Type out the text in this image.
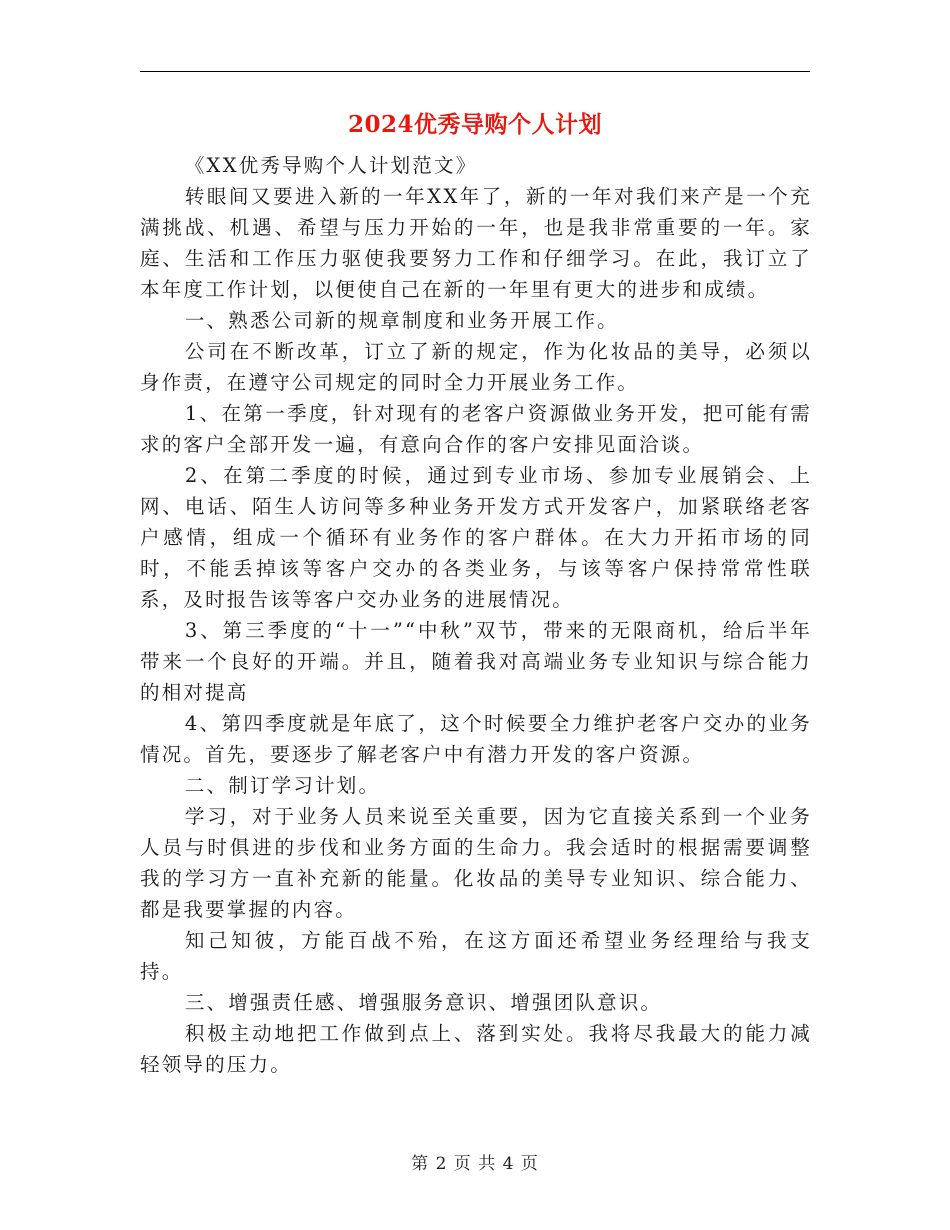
2024优秀导购个人计划

《XX优秀导购个人计划范文》

转眼间又要进入新的一年XX年了，新的一年对我们来产是一个充满挑战、机遇、希望与压力开始的一年，也是我非常重要的一年。家庭、生活和工作压力驱使我要努力工作和仔细学习。在此，我订立了本年度工作计划，以便使自己在新的一年里有更大的进步和成绩。

一、熟悉公司新的规章制度和业务开展工作。

公司在不断改革，订立了新的规定，作为化妆品的美导，必须以身作责，在遵守公司规定的同时全力开展业务工作。

1、在第一季度，针对现有的老客户资源做业务开发，把可能有需求的客户全部开发一遍，有意向合作的客户安排见面洽谈。

2、在第二季度的时候，通过到专业市场、参加专业展销会、上网、电话、陌生人访问等多种业务开发方式开发客户，加紧联络老客户感情，组成一个循环有业务作的客户群体。在大力开拓市场的同时，不能丢掉该等客户交办的各类业务，与该等客户保持常常性联系，及时报告该等客户交办业务的进展情况。

3、第三季度的“十一”“中秋”双节，带来的无限商机，给后半年带来一个良好的开端。并且，随着我对高端业务专业知识与综合能力的相对提高

4、第四季度就是年底了，这个时候要全力维护老客户交办的业务情况。首先，要逐步了解老客户中有潜力开发的客户资源。

二、制订学习计划。

学习，对于业务人员来说至关重要，因为它直接关系到一个业务人员与时俱进的步伐和业务方面的生命力。我会适时的根据需要调整我的学习方一直补充新的能量。化妆品的美导专业知识、综合能力、都是我要掌握的内容。

知己知彼，方能百战不殆，在这方面还希望业务经理给与我支持。

三、增强责任感、增强服务意识、增强团队意识。

积极主动地把工作做到点上、落到实处。我将尽我最大的能力减轻领导的压力。

第 2 页 共 4 页
